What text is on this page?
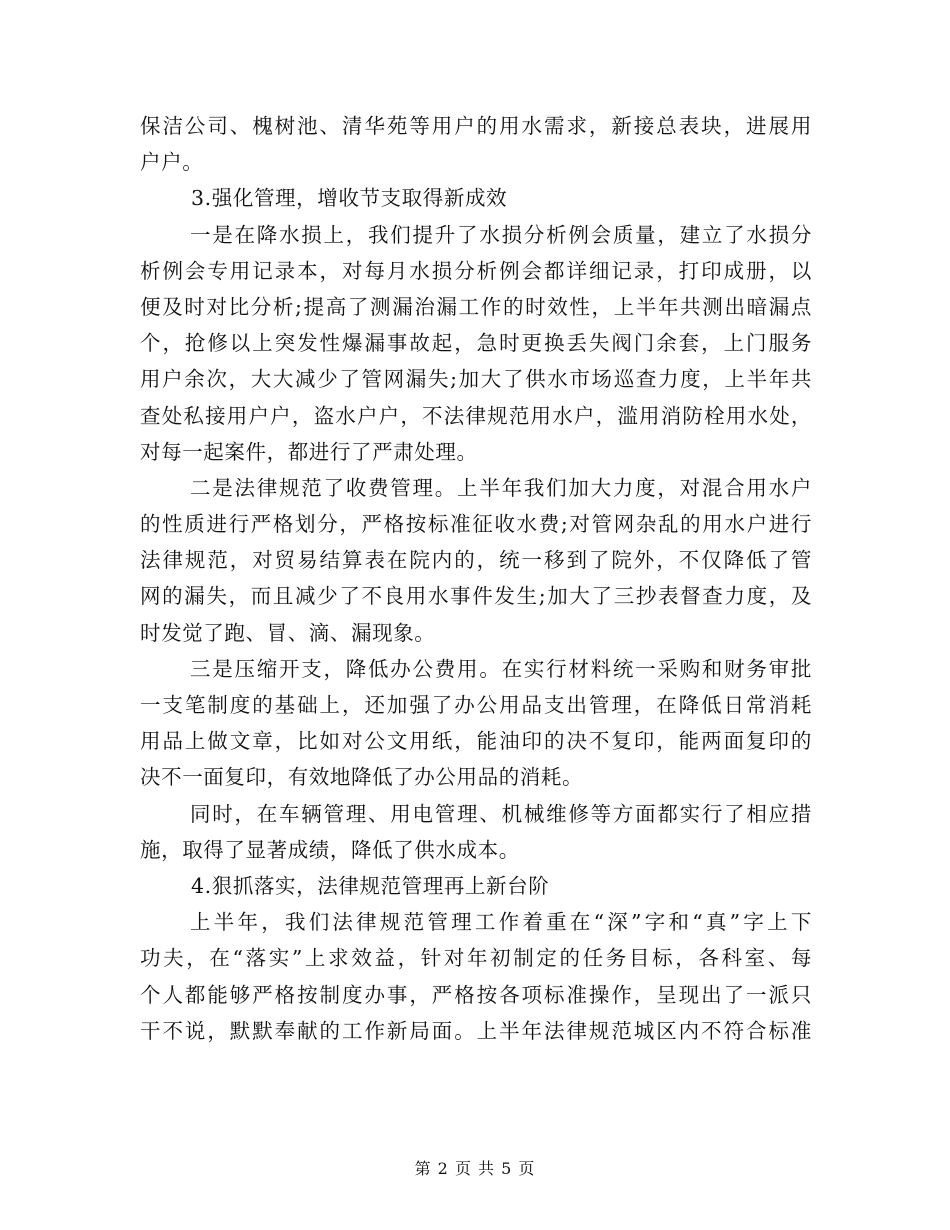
保洁公司、槐树池、清华苑等用户的用水需求，新接总表块，进展用
户户。
3.强化管理，增收节支取得新成效
一是在降水损上，我们提升了水损分析例会质量，建立了水损分
析例会专用记录本，对每月水损分析例会都详细记录，打印成册，以
便及时对比分析;提高了测漏治漏工作的时效性，上半年共测出暗漏点
个，抢修以上突发性爆漏事故起，急时更换丢失阀门余套，上门服务
用户余次，大大减少了管网漏失;加大了供水市场巡查力度，上半年共
查处私接用户户，盗水户户，不法律规范用水户，滥用消防栓用水处，
对每一起案件，都进行了严肃处理。
二是法律规范了收费管理。上半年我们加大力度，对混合用水户
的性质进行严格划分，严格按标准征收水费;对管网杂乱的用水户进行
法律规范，对贸易结算表在院内的，统一移到了院外，不仅降低了管
网的漏失，而且减少了不良用水事件发生;加大了三抄表督查力度，及
时发觉了跑、冒、滴、漏现象。
三是压缩开支，降低办公费用。在实行材料统一采购和财务审批
一支笔制度的基础上，还加强了办公用品支出管理，在降低日常消耗
用品上做文章，比如对公文用纸，能油印的决不复印，能两面复印的
决不一面复印，有效地降低了办公用品的消耗。
同时，在车辆管理、用电管理、机械维修等方面都实行了相应措
施，取得了显著成绩，降低了供水成本。
4.狠抓落实，法律规范管理再上新台阶
上半年，我们法律规范管理工作着重在“深”字和“真”字上下
功夫，在“落实”上求效益，针对年初制定的任务目标，各科室、每
个人都能够严格按制度办事，严格按各项标准操作，呈现出了一派只
干不说，默默奉献的工作新局面。上半年法律规范城区内不符合标准
第 2 页 共 5 页
